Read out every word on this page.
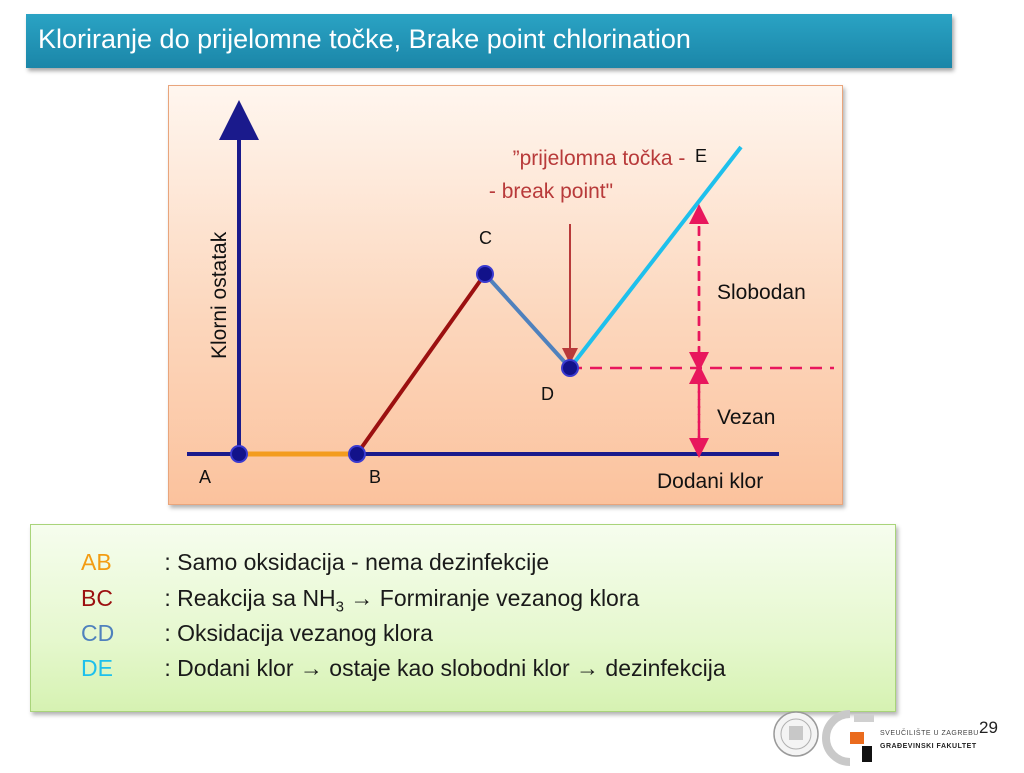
Kloriranje do prijelomne točke, Brake point chlorination
A	B
C
D
E
”prijelomna točka -
- break point"
Slobodan
Vezan
Dodani klor
Klorni ostatak
AB : Samo oksidacija - nema dezinfekcije
BC : Reakcija sa $NH_3$ → Formiranje vezanog klora
CD : Oksidacija vezanog klora
DE : Dodani klor → ostaje kao slobodni klor → dezinfekcija
SVEUČILIŠTE U ZAGREBU
GRAĐEVINSKI FAKULTET
29
